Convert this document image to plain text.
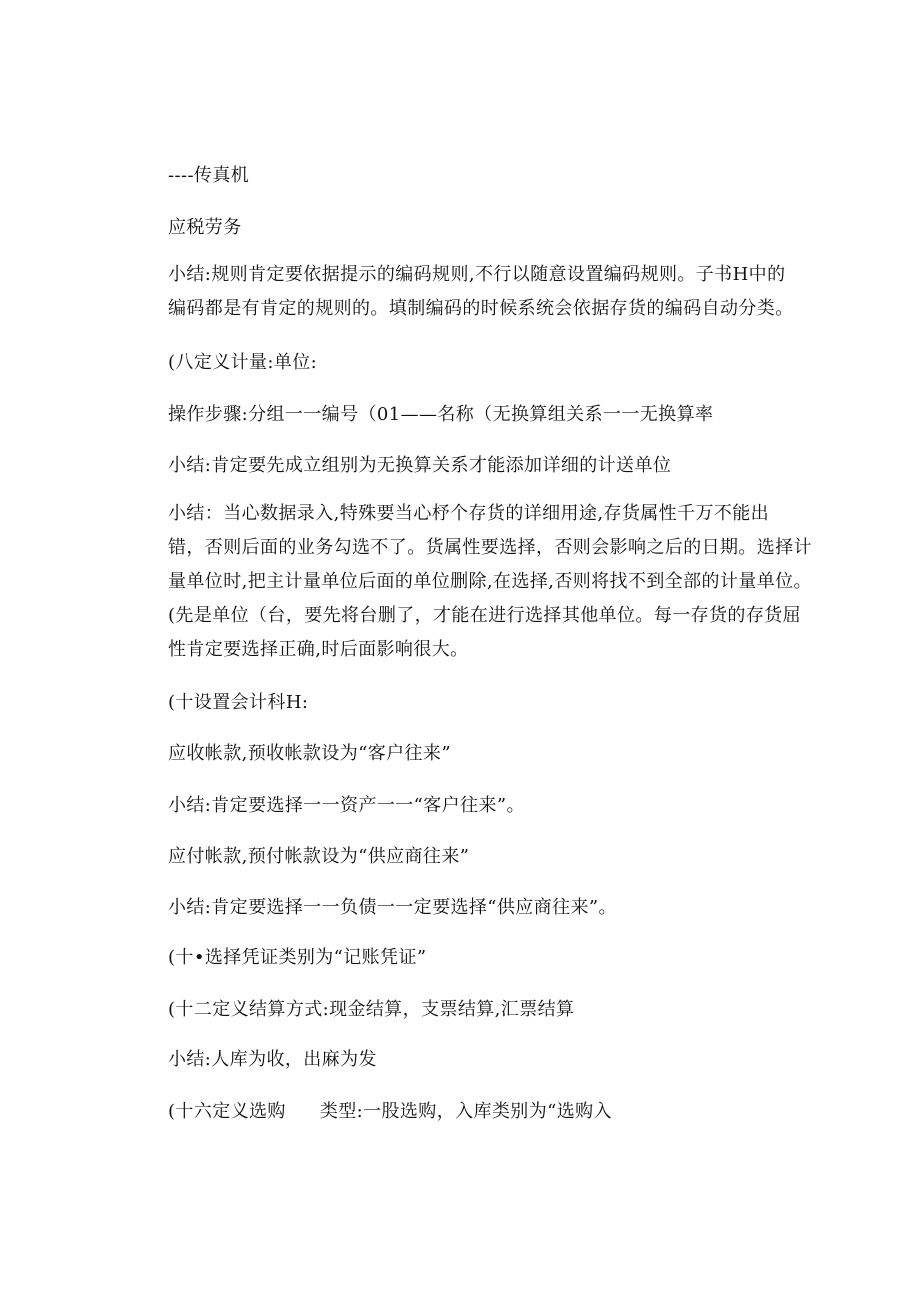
----传真机
应税劳务
小结:规则肯定要依据提示的编码规则,不行以随意设置编码规则。子书H中的
编码都是有肯定的规则的。填制编码的时候系统会依据存货的编码自动分类。
(八定义计量:单位:
操作步骤:分组一一编号（01——名称（无换算组关系一一无换算率
小结:肯定要先成立组别为无换算关系才能添加详细的计送单位
小结：当心数据录入,特殊要当心杼个存货的详细用途,存货属性千万不能出
错，否则后面的业务勾选不了。货属性要选择，否则会影响之后的日期。选择计
量单位时,把主计量单位后面的单位删除,在选择,否则将找不到全部的计量单位。
(先是单位（台，要先将台删了，才能在进行选择其他单位。每一存货的存货屈
性肯定要选择正确,时后面影响很大。
(十设置会计科H:
应收帐款,预收帐款设为“客户往来”
小结:肯定要选择一一资产一一“客户往来”。
应付帐款,预付帐款设为“供应商往来”
小结:肯定要选择一一负债一一定要选择“供应商往来”。
(十•选择凭证类别为“记账凭证”
(十二定义结算方式:现金结算，支票结算,汇票结算
小结:人库为收，出麻为发
(十六定义选购 类型:一股选购，入库类别为“选购入
